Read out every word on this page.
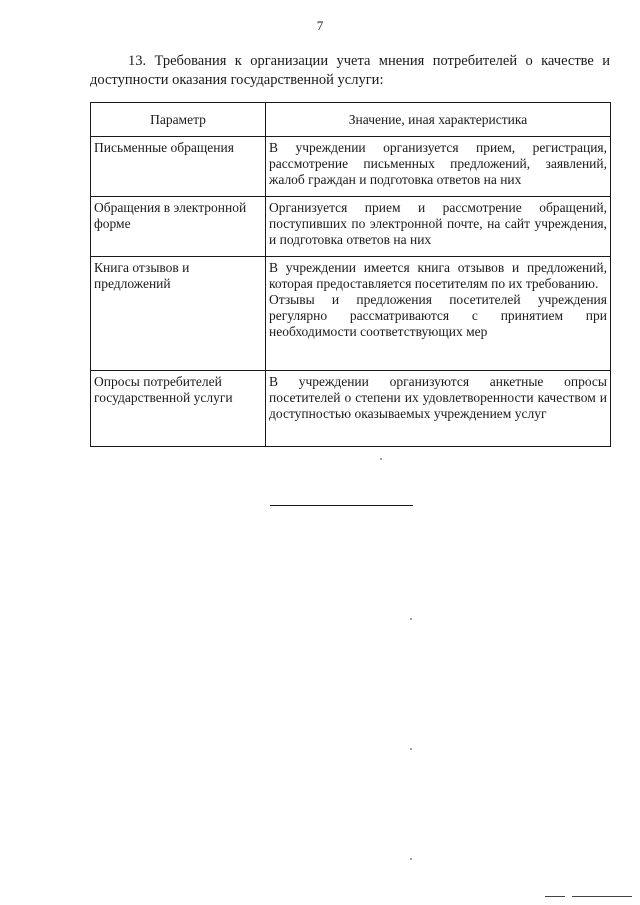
7

13. Требования к организации учета мнения потребителей о качестве и доступности оказания государственной услуги:

Параметр	Значение, иная характеристика
Письменные обращения	В учреждении организуется прием, регистрация, рассмотрение письменных предложений, заявлений, жалоб граждан и подготовка ответов на них

Обращения в электронной форме	Организуется прием и рассмотрение обращений, поступивших по электронной почте, на сайт учреждения, и подготовка ответов на них

Книга отзывов и предложений	В учреждении имеется книга отзывов и предложений, которая предоставляется посетителям по их требованию.
Отзывы и предложения посетителей учреждения регулярно рассматриваются с принятием при необходимости соответствующих мер

Опросы потребителей государственной услуги	В учреждении организуются анкетные опросы посетителей о степени их удовлетворенности качеством и доступностью оказываемых учреждением услуг
